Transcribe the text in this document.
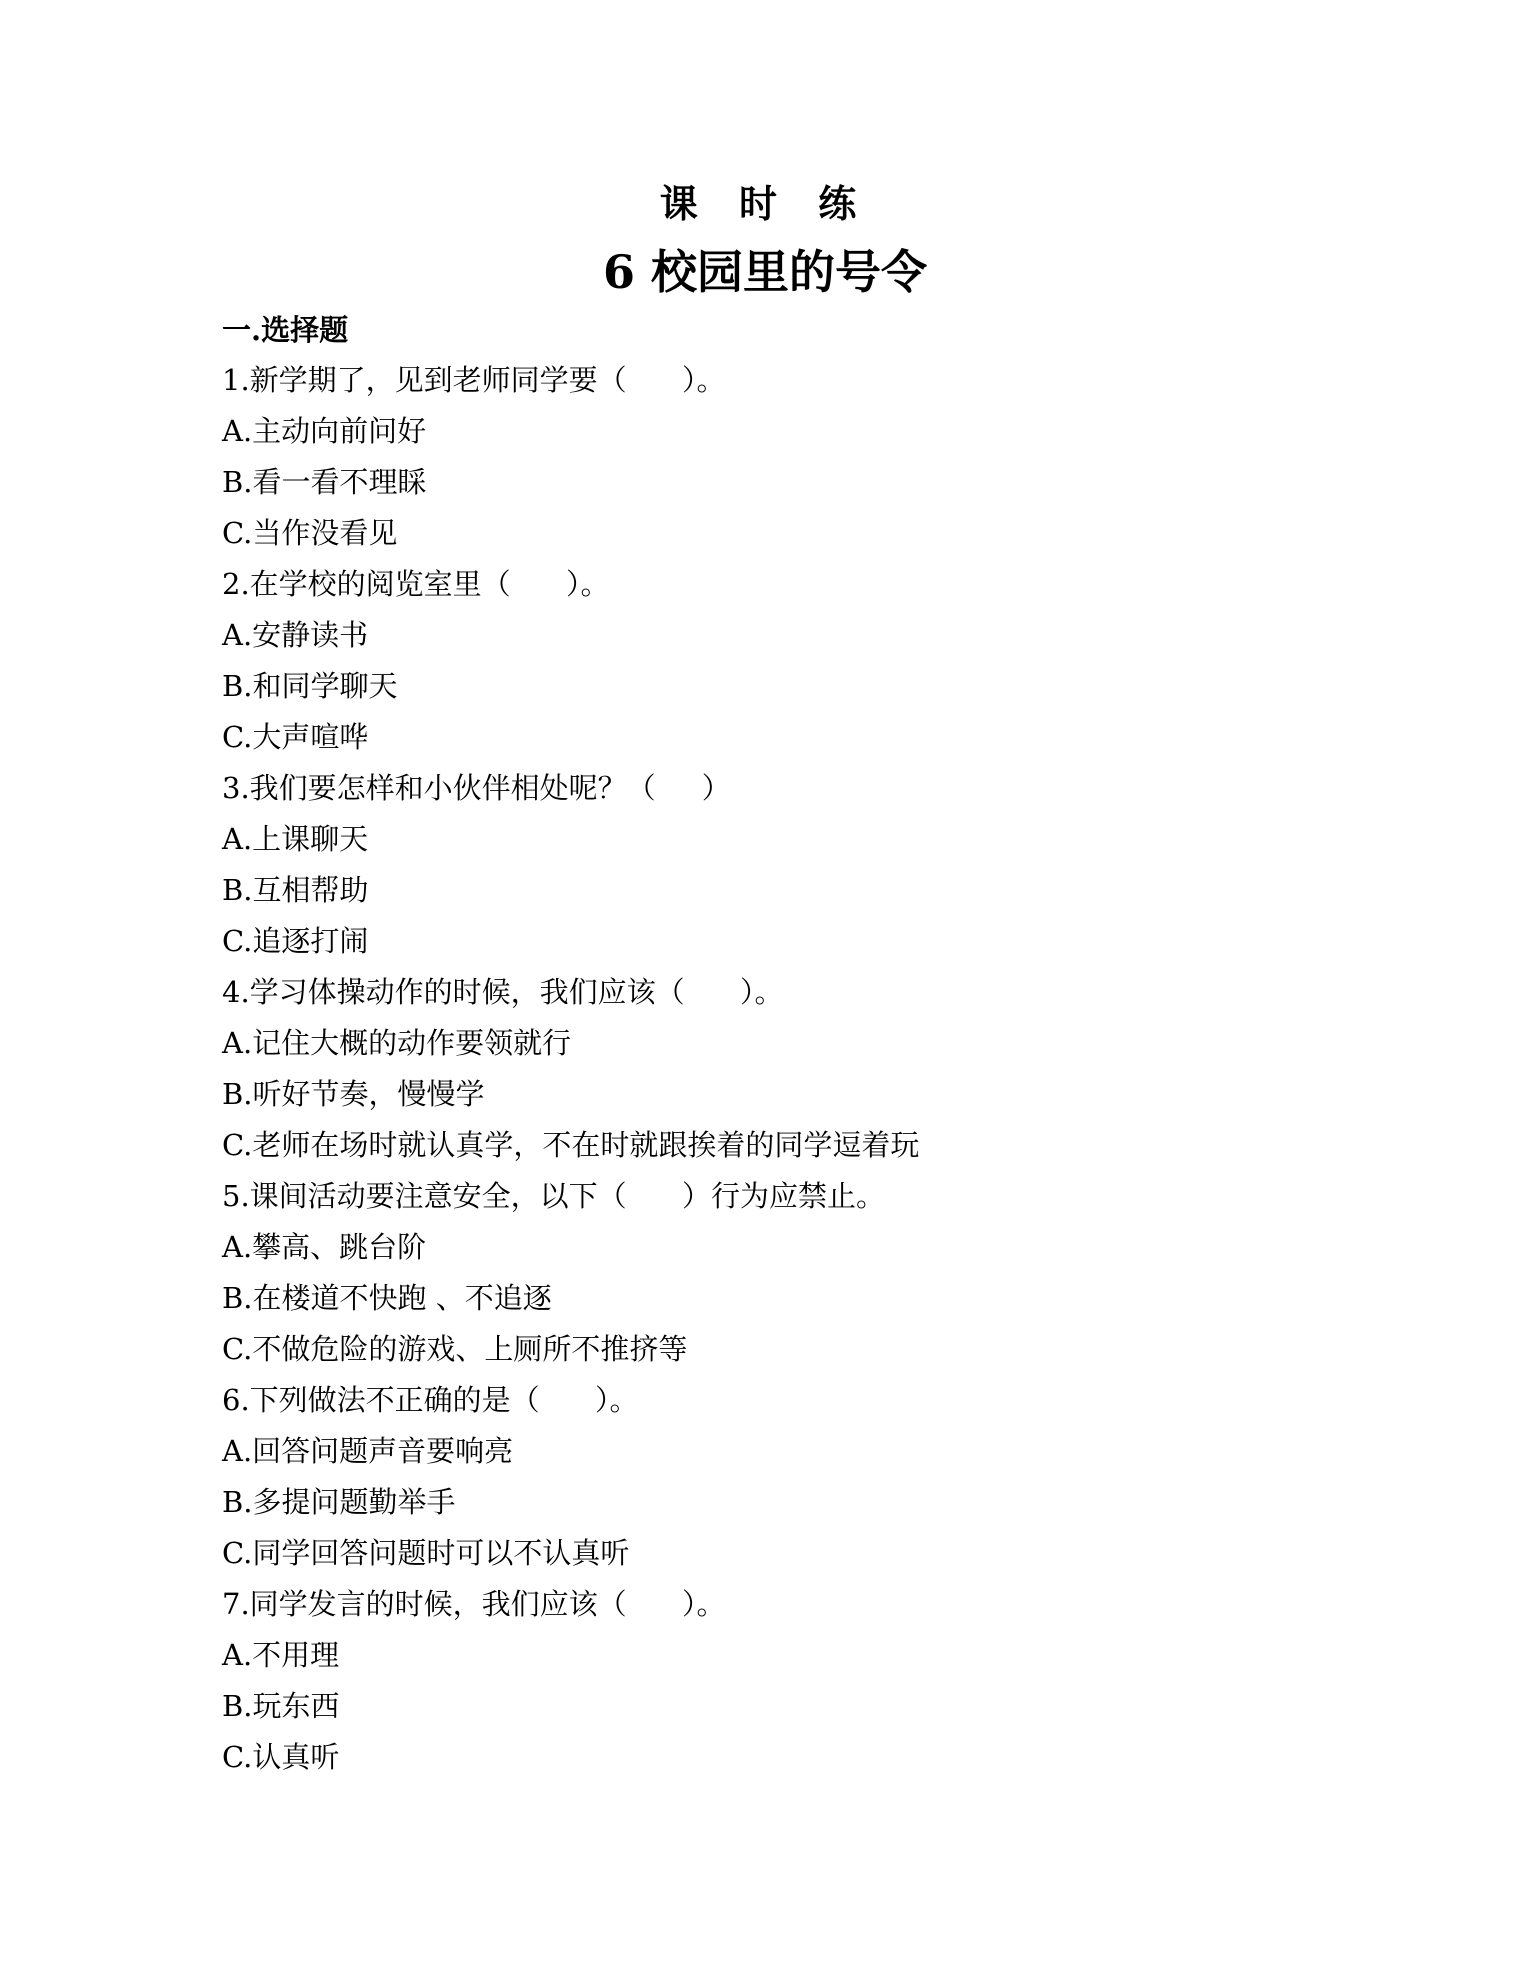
课 时 练
6 校园里的号令
一.选择题
1.新学期了，见到老师同学要（      ）。
A.主动向前问好
B.看一看不理睬
C.当作没看见
2.在学校的阅览室里（      ）。
A.安静读书
B.和同学聊天
C.大声喧哗
3.我们要怎样和小伙伴相处呢？（     ）
A.上课聊天
B.互相帮助
C.追逐打闹
4.学习体操动作的时候，我们应该（      ）。
A.记住大概的动作要领就行
B.听好节奏，慢慢学
C.老师在场时就认真学，不在时就跟挨着的同学逗着玩
5.课间活动要注意安全，以下（      ）行为应禁止。
A.攀高、跳台阶
B.在楼道不快跑 、不追逐
C.不做危险的游戏、上厕所不推挤等
6.下列做法不正确的是（      ）。
A.回答问题声音要响亮
B.多提问题勤举手
C.同学回答问题时可以不认真听
7.同学发言的时候，我们应该（      ）。
A.不用理
B.玩东西
C.认真听
